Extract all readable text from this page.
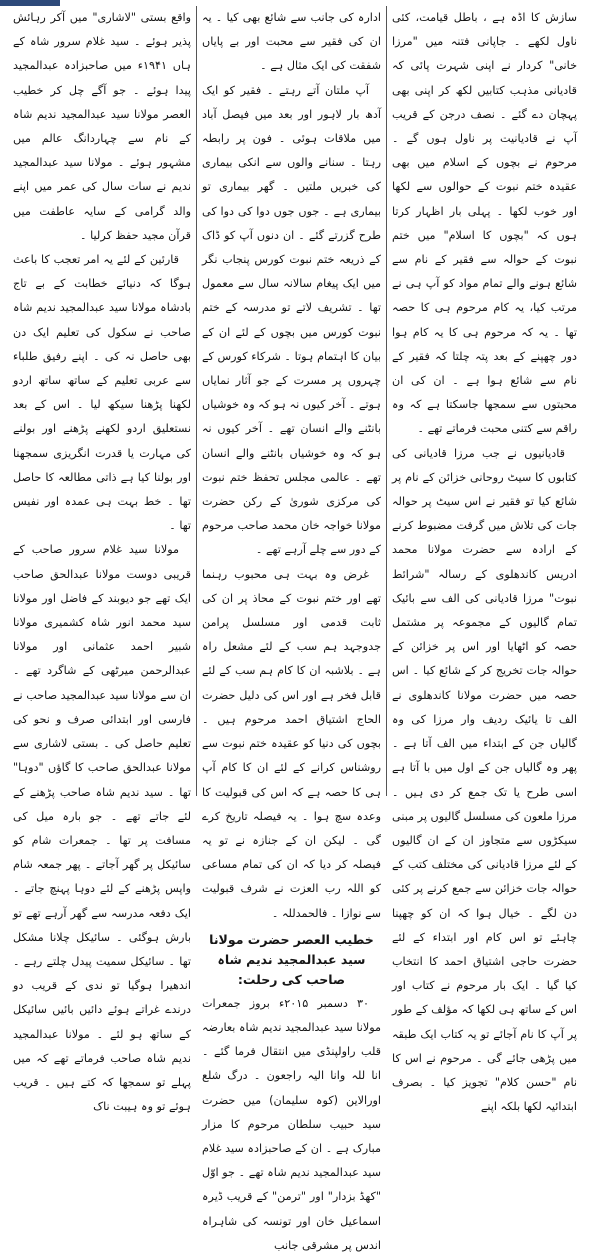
سازش کا اڈہ ہے ، باطل قیامت، کئی ناول لکھے ۔ جاپانی فتنہ میں "مرزا خانی" کردار نے اپنی شہرت پائی کہ قادیانی مذہب کتابیں لکھ کر اپنی بھی پہچان دے گئے ۔ نصف درجن کے قریب آپ نے قادیانیت پر ناول ہوں گے ۔ مرحوم نے بچوں کے اسلام میں بھی عقیدہ ختم نبوت کے حوالوں سے لکھا اور خوب لکھا ۔ پہلی بار اظہار کرتا ہوں کہ "بچوں کا اسلام" میں ختم نبوت کے حوالہ سے فقیر کے نام سے شائع ہونے والے تمام مواد کو آپ ہی نے مرتب کیا، یہ کام مرحوم ہی کا حصہ تھا ۔ یہ کہ مرحوم ہی کا یہ کام ہوا دور چھپنے کے بعد پتہ چلتا کہ فقیر کے نام سے شائع ہوا ہے ۔ ان کی ان محبتوں سے سمجھا جاسکتا ہے کہ وہ راقم سے کتنی محبت فرماتے تھے ۔

قادیانیوں نے جب مرزا قادیانی کی کتابوں کا سیٹ روحانی خزائن کے نام پر شائع کیا تو فقیر نے اس سیٹ پر حوالہ جات کی تلاش میں گرفت مضبوط کرنے کے ارادہ سے حضرت مولانا محمد ادریس کاندھلوی کے رسالہ "شرائط نبوت" مرزا قادیانی کی الف سے بائیک تمام گالیوں کے مجموعہ پر مشتمل حصہ کو اٹھایا اور اس پر خزائن کے حوالہ جات تخریج کر کے شائع کیا ۔ اس حصہ میں حضرت مولانا کاندھلوی نے الف تا یائیک ردیف وار مرزا کی وہ گالیاں جن کے ابتداء میں الف آتا ہے ۔ پھر وہ گالیاں جن کے اول میں با آتا ہے اسی طرح یا تک جمع کر دی ہیں ۔ مرزا ملعون کی مسلسل گالیوں پر مبنی سیکڑوں سے متجاوز ان کے ان گالیوں کے لئے مرزا قادیانی کی مختلف کتب کے حوالہ جات خزائن سے جمع کرنے پر کئی دن لگے ۔ خیال ہوا کہ ان کو چھپنا چاہئے تو اس کام اور ابتداء کے لئے حضرت حاجی اشتیاق احمد کا انتخاب کیا گیا ۔ ایک بار مرحوم نے کتاب اور اس کے ساتھ ہی لکھا کہ مؤلف کے طور پر آپ کا نام آجائے تو یہ کتاب ایک طبقہ میں پڑھی جائے گی ۔ مرحوم نے اس کا نام "حسن کلام" تجویز کیا ۔ بصرف ابتدائیہ لکھا بلکہ اپنے

ادارہ کی جانب سے شائع بھی کیا ۔ یہ ان کی فقیر سے محبت اور بے پایاں شفقت کی ایک مثال ہے ۔

آپ ملتان آتے رہتے ۔ فقیر کو ایک آدھ بار لاہور اور بعد میں فیصل آباد میں ملاقات ہوئی ۔ فون پر رابطہ رہتا ۔ سنانے والوں سے انکی بیماری کی خبریں ملتیں ۔ گھر بیماری تو بیماری ہے ۔ جوں جوں دوا کی دوا کی طرح گزرتے گئے ۔ ان دنوں آپ کو ڈاک کے ذریعہ ختم نبوت کورس پنجاب نگر میں ایک پیغام سالانہ سال سے معمول تھا ۔ تشریف لاتے تو مدرسہ کے ختم نبوت کورس میں بچوں کے لئے ان کے بیان کا اہتمام ہوتا ۔ شرکاء کورس کے چہروں پر مسرت کے جو آثار نمایاں ہوتے ۔ آخر کیوں نہ ہو کہ وہ خوشیاں بانٹنے والے انسان تھے ۔ آخر کیوں نہ ہو کہ وہ خوشیاں بانٹنے والے انسان تھے ۔ عالمی مجلس تحفظ ختم نبوت کی مرکزی شوریٰ کے رکن حضرت مولانا خواجہ خان محمد صاحب مرحوم کے دور سے چلے آرہے تھے ۔

غرض وہ بہت ہی محبوب رہنما تھے اور ختم نبوت کے محاذ پر ان کی ثابت قدمی اور مسلسل پرامن جدوجہد ہم سب کے لئے مشعل راہ ہے ۔ بلاشبہ ان کا کام ہم سب کے لئے قابل فخر ہے اور اس کی دلیل حضرت الحاج اشتیاق احمد مرحوم ہیں ۔ بچوں کی دنیا کو عقیدہ ختم نبوت سے روشناس کرانے کے لئے ان کا کام آپ ہی کا حصہ ہے کہ اس کی قبولیت کا وعدہ سچ ہوا ۔ یہ فیصلہ تاریخ کرے گی ۔ لیکن ان کے جنازہ نے تو یہ فیصلہ کر دیا کہ ان کی تمام مساعی کو اللہ رب العزت نے شرف قبولیت سے نوازا ۔ فالحمدللہ ۔

خطیب العصر حضرت مولانا سید عبدالمجید ندیم شاہ صاحب کی رحلت:

۳۰ دسمبر ۲۰۱۵ء بروز جمعرات مولانا سید عبدالمجید ندیم شاہ بعارضہ قلب راولپنڈی میں انتقال فرما گئے ۔ انا للہ وانا الیہ راجعون ۔ درگ شلع اورالاین (کوہ سلیمان) میں حضرت سید حبیب سلطان مرحوم کا مزار مبارک ہے ۔ ان کے صاحبزادہ سید غلام سید عبدالمجید ندیم شاہ تھے ۔ جو اوّل "کھڈ بزدار" اور "ترمن" کے قریب ڈیرہ اسماعیل خان اور تونسہ کی شاہراہ اندس پر مشرقی جانب

واقع بستی "لاشاری" میں آکر رہائش پذیر ہوئے ۔ سید غلام سرور شاہ کے ہاں ۱۹۴۱ء میں صاحبزادہ عبدالمجید پیدا ہوئے ۔ جو آگے چل کر خطیب العصر مولانا سید عبدالمجید ندیم شاہ کے نام سے چہاردانگ عالم میں مشہور ہوئے ۔ مولانا سید عبدالمجید ندیم نے سات سال کی عمر میں اپنے والد گرامی کے سایہ عاطفت میں قرآن مجید حفظ کرلیا ۔

قارئین کے لئے یہ امر تعجب کا باعث ہوگا کہ دنیائے خطابت کے بے تاج بادشاہ مولانا سید عبدالمجید ندیم شاہ صاحب نے سکول کی تعلیم ایک دن بھی حاصل نہ کی ۔ اپنے رفیق طلباء سے عربی تعلیم کے ساتھ ساتھ اردو لکھنا پڑھنا سیکھ لیا ۔ اس کے بعد نستعلیق اردو لکھنے پڑھنے اور بولنے کی مہارت یا قدرت انگریزی سمجھنا اور بولنا کیا ہے ذاتی مطالعہ کا حاصل تھا ۔ خط بہت ہی عمدہ اور نفیس تھا ۔

مولانا سید غلام سرور صاحب کے قریبی دوست مولانا عبدالحق صاحب ایک تھے جو دیوبند کے فاضل اور مولانا سید محمد انور شاہ کشمیری مولانا شبیر احمد عثمانی اور مولانا عبدالرحمن میرٹھی کے شاگرد تھے ۔ ان سے مولانا سید عبدالمجید صاحب نے فارسی اور ابتدائی صرف و نحو کی تعلیم حاصل کی ۔ بستی لاشاری سے مولانا عبدالحق صاحب کا گاؤں "دوہا" تھا ۔ سید ندیم شاہ صاحب پڑھنے کے لئے جاتے تھے ۔ جو بارہ میل کی مسافت پر تھا ۔ جمعرات شام کو سائیکل پر گھر آجاتے ۔ پھر جمعہ شام واپس پڑھنے کے لئے دوہا پہنچ جاتے ۔ ایک دفعہ مدرسہ سے گھر آرہے تھے تو بارش ہوگئی ۔ سائیکل چلانا مشکل تھا ۔ سائیکل سمیت پیدل چلتے رہے ۔ اندھیرا ہوگیا تو ندی کے قریب دو درندے غراتے ہوئے دائیں بائیں سائیکل کے ساتھ ہو لئے ۔ مولانا عبدالمجید ندیم شاہ صاحب فرماتے تھے کہ میں پہلے تو سمجھا کہ کتے ہیں ۔ قریب ہوئے تو وہ ہیبت ناک
